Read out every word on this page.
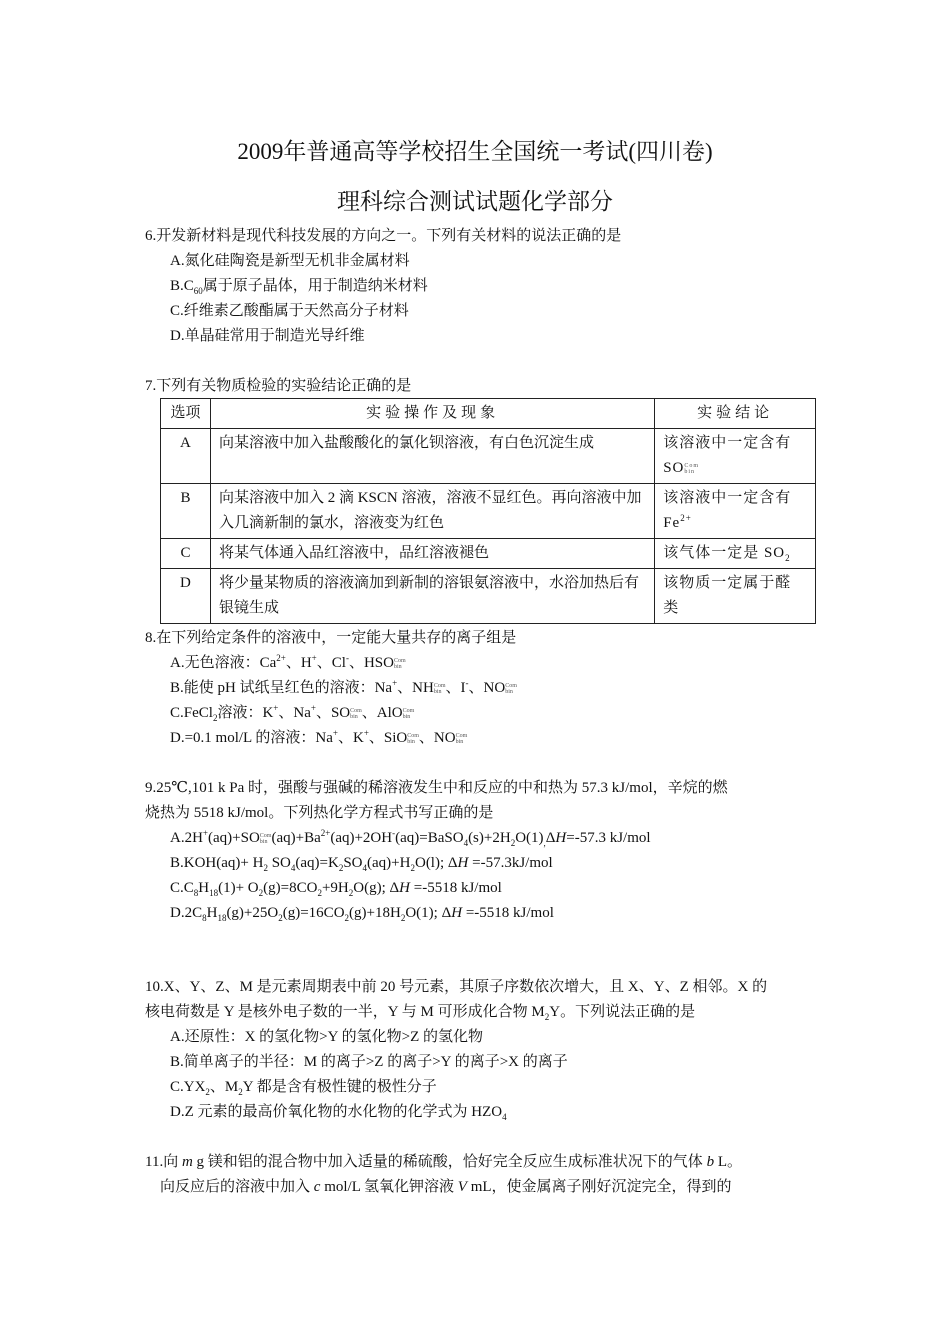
2009年普通高等学校招生全国统一考试(四川卷)
理科综合测试试题化学部分
6.开发新材料是现代科技发展的方向之一。下列有关材料的说法正确的是
A.氮化硅陶瓷是新型无机非金属材料
$B.C_{60}$属于原子晶体，用于制造纳米材料
C.纤维素乙酸酯属于天然高分子材料
D.单晶硅常用于制造光导纤维
7.下列有关物质检验的实验结论正确的是
8.在下列给定条件的溶液中，一定能大量共存的离子组是
A.无色溶液：$Ca^{2+}$、H+、Cl-、HSO Com
bin
B.能使 pH 试纸呈红色的溶液：Na+、NH Com
bin 、I-、NO Com
bin
C.FeCl$_2$溶液：K+、Na+、SO Com
bin 、AlO Com
bin
D.=0.1 mol/L 的溶液：Na+、K+、SiO Com
bin 、NO Com
bin
9.25℃,101 k Pa 时，强酸与强碱的稀溶液发生中和反应的中和热为 57.3 kJ/mol，辛烷的燃
烧热为 5518 kJ/mol。下列热化学方程式书写正确的是
A.2H+(aq)+SO Com
bin $(aq)+Ba^{2+}(aq)+2OH^-(aq)=BaSO_4(s)+2H_2O(1)_,\Delta H=-57.3$ kJ/mol
$B.KOH(aq)+ H_2$ $SO_4(aq)=K_2SO_4(aq)+H_2O(l)$; ΔH =-57.3kJ/mol
$C.C_8H_{18}(1)+ O_2(g)=8CO_2+9H_2O(g)$; ΔH =-5518 kJ/mol
$D.2C_8H_{18}(g)+25O_2(g)=16CO_2(g)+18H_2O(1)$; ΔH =-5518 kJ/mol
10.X、Y、Z、M 是元素周期表中前 20 号元素，其原子序数依次增大，且 X、Y、Z 相邻。X 的
核电荷数是 Y 是核外电子数的一半，Y 与 M 可形成化合物 $M_2Y$。下列说法正确的是
A.还原性：X 的氢化物>Y 的氢化物>Z 的氢化物
B.简单离子的半径：M 的离子>Z 的离子>Y 的离子>X 的离子
$C.YX_2$、$M_2Y$ 都是含有极性键的极性分子
D.Z 元素的最高价氧化物的水化物的化学式为 $HZO_4$
11.向 m g 镁和铝的混合物中加入适量的稀硫酸，恰好完全反应生成标准状况下的气体 b L。
向反应后的溶液中加入 c mol/L 氢氧化钾溶液 V mL，使金属离子刚好沉淀完全，得到的
选项	实验操作及现象	实验结论
A	向某溶液中加入盐酸酸化的氯化钡溶液，有白色沉淀生成	该溶液中一定含有
SO Com
bin

B	向某溶液中加入 2 滴 KSCN 溶液，溶液不显红色。再向溶液中加入几滴新制的氯水，溶液变为红色	该溶液中一定含有
$Fe^{2+}$
C	将某气体通入品红溶液中，品红溶液褪色	该气体一定是 $SO_2$
D	将少量某物质的溶液滴加到新制的溶银氨溶液中，水浴加热后有银镜生成	该物质一定属于醛类
